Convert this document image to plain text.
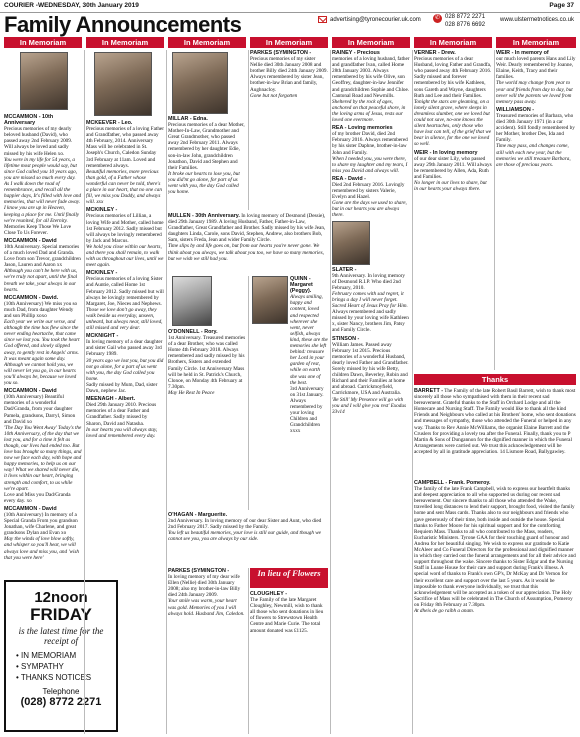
COURIER -WEDNESDAY, 30th January 2019	Page 37
Family Announcements	advertising@tyronecourier.uk.com	✆ 028 8772 2271
028 8776 6692
www.ulstermetnotices.co.uk
In Memoriam	In Memoriam	In Memoriam	In Memoriam	In Memoriam	In Memoriam	In Memoriam

MCCAMMON - 10th Anniversary
Precious memories of my dearly beloved husband (David), who passed away 2nd February 2009. Will always be loved and sadly missed by his wife Helen xo.
You were in my life for 54 years, a lifetime most people would say, but since God called you 10 years ago, you are missed so much every day. As I walk down the road of remembrance, and recall all the happier days, It's filled with love and memories, that will never fade away. I know you are up in Heaven, keeping a place for me. Until finally we're reunited, for all Eternity.
Memories Keep Those We Love Close To Us Forever.

MCCAMMON - David
10th Anniversary. Special memories of a much loved Dad and Granda. Love from son Trevor, grandchildren Jason, Lauren and Aaron xx
Although you can't be here with us, we're truly not apart, until the final breath we take, your always in our hearts.

MCCAMMON - David.
(10th Anniversary) We miss you so much Dad, from daughter Wendy and son Phillip xoxo
Each year we write our verse, and although the time has flew since the never ending heartache, that came since we lost you. You took the heart God offered, and slowly slipped away, to gently rest in Angels' arms. It was meant again some day. Although we cannot hold you, we will never let you go, in our hearts you'll always be, because we loved you so.

MCCAMMON - David
(10th Anniversary) Beautiful memories of a wonderful Dad/Granda, from your daughter Pamela, grandsons, Darryl, Simon and David xo
'The Day You Went Away' Today's the 10th Anniversary, of the day that we lost you, and for a time it felt as though, our lives had ended too. But love has brought so many things, and now we face each day, with hope and happy memories, to help us on our way! What we shared will never die, it lives within our heart, bringing strength and comfort, to us while we're apart.
Love and Miss you Dad/Granda every day. xo

MCCAMMON - David
(10th Anniversary) In memory of a Special Granda From you grandson Jonathan, wife Charlene, and great grandsons Dylan and Evan xo
May the winds of love blow softly, and whisper so you'll hear, we will always love and miss you, and 'wish that you were here'

12noon
FRIDAY
is the latest time for the receipt of
• IN MEMORIAM
• SYMPATHY
• THANKS NOTICES
Telephone
(028) 8772 2271

MCKEEVER - Leo.
Precious memories of a loving Father and Grandfather, who passed away 4th February, 2014. Anniversary Mass will be celebrated in St. Joseph's Church, Caledon Sunday 3rd February at 11am. Loved and remembered always.
Beautiful memories, more precious than gold, of a Father whose wonderful can never be told, there's a place in our heart, that no one can fill, we miss you Daddy, and always will. xxx

MCKINLEY -
Precious memories of Lillian, a loving Wife and Mother, called home 1st February 2012. Sadly missed but will always be lovingly remembered by Jack and Marcus.
We hold you close within our hearts, and there you shall remain, to walk with us throughout our lives, until we meet again.

MCKINLEY -
Precious memories of a loving Sister and Auntie, called Home 1st February 2012. Sadly missed but will always be lovingly remembered by Margaret, Joe, Nieces and Nephews.
Those we love don't go away, they walk beside us everyday, unseen, unheard, but always near, still loved, still missed and very dear.

MCKNIGHT -
In loving memory of a dear daughter and sister Gail who passed away 3rd February 1989.
30 years ago we lost you, but you did not go alone, for a part of us went with you, the day God called you home.
Sadly missed by Mum, Dad, sister Dawn, nephew Jac.

MEENAGH - Albert.
Died 29th January 2010. Precious memories of a dear Father and Grandfather. Sadly missed by Sharon, David and Natasha.
In our hearts you will always stay, loved and remembered every day.

MILLAR - Edna.
Precious memories of a dear Mother, Mother-In-Law, Grandmother and Great Grandmother, who passed away 2nd February 2011. Always remembered by her daughter Edie, son-in-law John, grandchildren Jonathon, David and Stephen and their Families.
It broke our hearts to lose you, but you did'nt go alone, for part of us went with you, the day God called you home.

PARKES (SYMINGTON -
Precious memories of my sister Nellie died 30th January 2008 and brother Billy died 24th January 2009. Always remembered by sister Jean, brother-in-law Brian and family, Aughnacloy.
Gone but not forgotten

MULLEN - 30th Anniversary. In loving memory of Desmond (Dessie), died 29th January 1989. A loving Husband, Father, Father-in-Law, Grandfather, Great Grandfather and Brother. Sadly missed by his wife Jean, daughters Linda, Carole, sons David, Stephen, Andrew, also brothers Bob, Sam, sisters Freda, Jean and wider Family Circle.
Time slips by and life goes on, but from our hearts you're never gone. We think about you always, we talk about you too, we have so many memories, but we wish we still had you.

O'DONNELL - Rory.
1st Anniversary. Treasured memories of a dear Brother, who was called Home 4th February 2018. Always remembered and sadly missed by his Brothers, Sisters and extended Family Circle. 1st Anniversary Mass will be held in St. Patrick's Church, Clonoe, on Monday 4th February at 7.30pm.
May He Rest In Peace

QUINN - Margaret (Peggy).
Always smiling, happy and content, loved and respected wherever she went, never selfish, always kind, these are the memories she left behind: treasure her Lord in your garden of rest, while on earth she was one of the best.
3rd Anniversary on 31st January. Always remembered by your loving Children and Grandchildren xxxx

O'HAGAN - Marguerite.
2nd Anniversary. In loving memory of our dear Sister and Aunt, who died 2nd February 2017. Sadly missed by the Family.
You left us beautiful memories, your love is still our guide, and though we cannot see you, you are always by our side.

PARKES (SYMINGTON -
In loving memory of my dear wife Ellen (Nellie) died 30th January 2008; also my brother-in-law Billy died 24th January 2009.
Your smile was warm, your heart was gold. Memories of you I will always hold. Husband Jim, Caledon.

In lieu of Flowers

CLOUGHLEY -
The Family of the late Margaret Cloughley, Newmill, wish to thank all those who sent donations in lieu of flowers to Strewstown Health Centre and Marie Curie. The total amount donated was £1125.

RAINEY - Precious
memories of a loving husband, father and grandfather Ivan, called Home 28th January 2003. Always remembered by his wife Olive, son Geoffrey, daughter-in-law Jennifer and grandchildren Sophie and Chloe. Cantonal Road and Newmills.
Sheltered by the rock of ages, anchored on that peaceful shore, in the loving arms of Jesus, rests our loved one evermore.

REA - Loving memories
of my brother David, died 2nd February 2016. Always remembered by his sister Daphne, brother-in-law John and Family.
When I needed you, you were there, to share my laughter and my tears, I miss you David and always will.

REA - David -
Died 2nd February 2016. Lovingly remembered by sisters Valerie, Evelyn and Hazel.
Gone are the days we used to share, but in our hearts you are always there.

SLATER -
9th Anniversary. In loving memory of Desmond R.I.P. Who died 2nd February, 2010.
February comes with sad regret, it brings a day I will never forget. Sacred Heart of Jesus Pray for Him.
Always remembered and sadly missed by your loving wife Kathleen x, sister Nancy, brothers Jim, Patsy and Family Circle.

STINSON -
William James. Passed away February 1st 2015. Precious memories of a wonderful Husband, dearly loved Father and Grandfather. Sorely missed by his wife Betty, children Dawn, Beverley, Robin and Richard and their Families at home and abroad. Carrickmoyfield, Carrickmore, USA and Australia.
'Be Still' My Presence will go with you and I will give you rest' Exodus 33v14

VERNER - Drew.
Precious memories of a dear Husband, loving Father and Grandfa, who passed away 4th February 2016. Sadly missed and forever remembered by his wife Kathleen, sons Gareth and Wayne, daughters Ruth and Lee and their Families.
Tonight the stars are gleaming, on a lonely silent grave, where sleeps in dreamless slumber, one we loved but could not save, no-one knows the silent heartaches, only those who have lost can tell, of the grief that we bear in silence, for the one we loved so well.

WEIR - In loving memory
of our dear sister Lily, who passed away 29th January 2011. Will always be remembered by Allen, Ada, Ruth and Families.
No longer in our lives to share, but in our hearts your always there.

WEIR - In memory of
our much loved parents Hans and Lily Weir. Dearly remembered by Joanne, Elaine, Keith, Tracy and their families.
The world may change from year to year and friends from day to day, but never will the parents we loved from memory pass away.

WILLIAMSON -
Treasured memories of Barbara, who died 30th January 1971 (in a car accident). Still fondly remembered by her Mother, brother Des, Ida and Family.
Time may pass, and changes come, still with each new year, but the memories we still treasure Barbara, are those of precious years.

Thanks

BARRETT - The Family of the late Robert Basil Barrett, wish to thank most sincerely all those who sympathised with them in their recent sad bereavement. Grateful thanks to the Staff in Orchard Lodge and all the Homecare and Nursing Staff. The Family would like to thank all the kind Friends and Neighbours who called at his Brothers' home, who sent donations and messages of sympathy, those who attended the Funeral or helped in any way. Thanks to Rev Annie McWilliams, the organist Elaine Barrett and the Cruslers for providing a lovely tea after the Funeral. Finally, thank you to P Martin & Sons of Dungannon for the dignified manner in which the Funeral Arrangements were carried out. We trust this acknowledgement will be accepted by all in gratitude appreciation. 14 Lismore Road, Ballygawley.

CAMPBELL - Frank. Pomeroy.
The family of the late Frank Campbell, wish to express our heartfelt thanks and deepest appreciation to all who supported us during our recent sad bereavement. Our sincere thanks to all those who attended the Wake, travelled long distances to lend their support, brought food, visited the family home and sent Mass cards. Thanks also to our neighbours and friends who gave generously of their time, both inside and outside the house. Special thanks to Father Moore for his spiritual support and for the comforting Requiem Mass. Thanks to all who contributed to the Mass, readers, Eucharistic Ministers. Tyrone GAA for their touching guard of honour and Andrea for her beautiful singing. We wish to express our gratitude to Katie McAleer and Co Funeral Directors for the professional and dignified manner in which they carried out the funeral arrangements and for all their advice and support throughout the wake. Sincere thanks to Sister Edgar and the Nursing Staff in Loane House for their care and support during Frank's illness. A special word of thanks to Frank's own GP's, Dr McKay and Dr Vernon for their excellent care and support over the last 5 years. As it would be impossible to thank everyone individually, we trust that this acknowledgement will be accepted as a token of our appreciation. The Holy Sacrifice of Mass will be celebrated in The Church of Assumption, Pomeroy on Friday 8th February at 7.30pm.
At dheis de go raibh a anam.
